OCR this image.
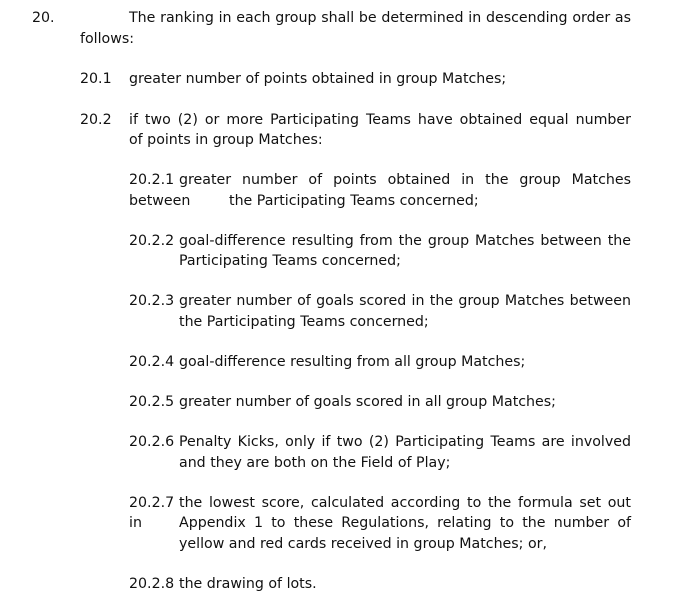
20.	The ranking in each group shall be determined in descending order as
follows:
20.1 greater number of points obtained in group Matches;
20.2 if two (2) or more Participating Teams have obtained equal number
of points in group Matches:
20.2.1 greater number of points obtained in the group Matches
between	the Participating Teams concerned;
20.2.2 goal-difference resulting from the group Matches between the
Participating Teams concerned;
20.2.3 greater number of goals scored in the group Matches between
the Participating Teams concerned;
20.2.4 goal-difference resulting from all group Matches;
20.2.5 greater number of goals scored in all group Matches;
20.2.6 Penalty Kicks, only if two (2) Participating Teams are involved
and they are both on the Field of Play;
20.2.7 the lowest score, calculated according to the formula set out
in	Appendix 1 to these Regulations, relating to the number of
yellow and red cards received in group Matches; or,
20.2.8 the drawing of lots.
